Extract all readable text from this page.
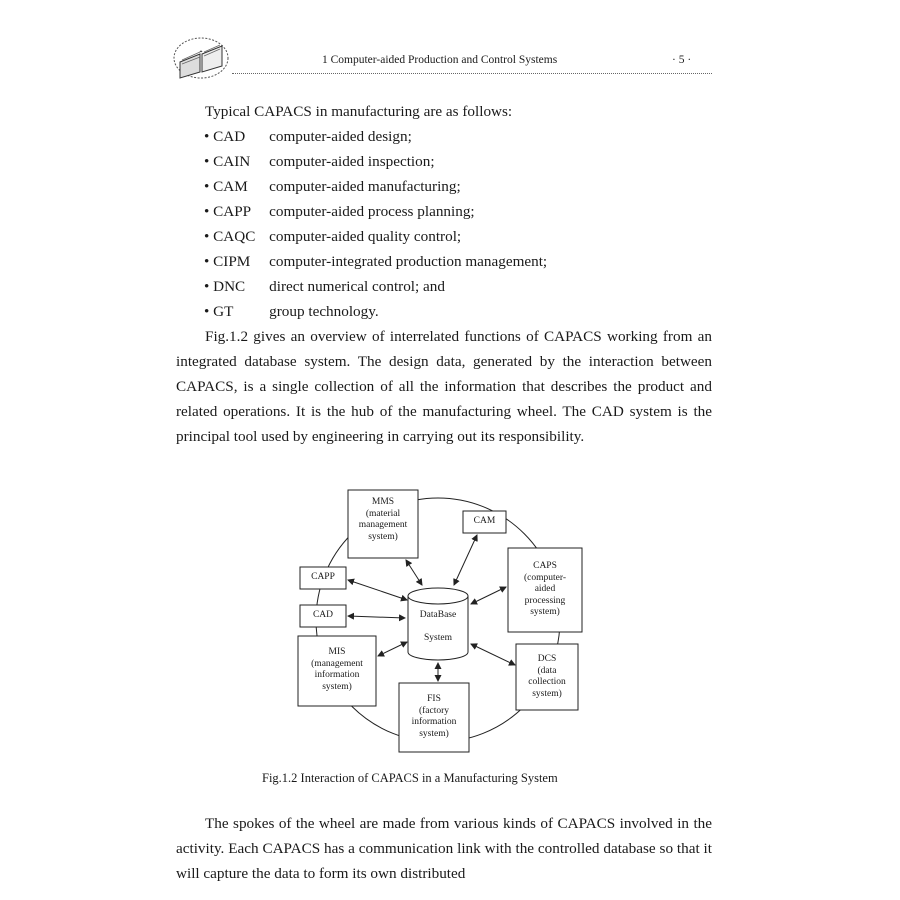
1 Computer-aided Production and Control Systems	· 5 ·
Typical CAPACS in manufacturing are as follows:
• CAD computer-aided design;
• CAIN computer-aided inspection;
• CAM computer-aided manufacturing;
• CAPP computer-aided process planning;
• CAQC computer-aided quality control;
• CIPM computer-integrated production management;
• DNC direct numerical control; and
• GT group technology.
Fig.1.2 gives an overview of interrelated functions of CAPACS working from an integrated database system. The design data, generated by the interaction between CAPACS, is a single collection of all the information that describes the product and related operations. It is the hub of the manufacturing wheel. The CAD system is the principal tool used by engineering in carrying out its responsibility.
MMS
(material
management
system)
CAM
CAPS
(computer-
aided
processing
system)
CAPP
CAD
MIS
(management
information
system)
DCS
(data
collection
system)
FIS
(factory
information
system)
DataBase

System
Fig.1.2 Interaction of CAPACS in a Manufacturing System
The spokes of the wheel are made from various kinds of CAPACS involved in the activity. Each CAPACS has a communication link with the controlled database so that it will capture the data to form its own distributed
